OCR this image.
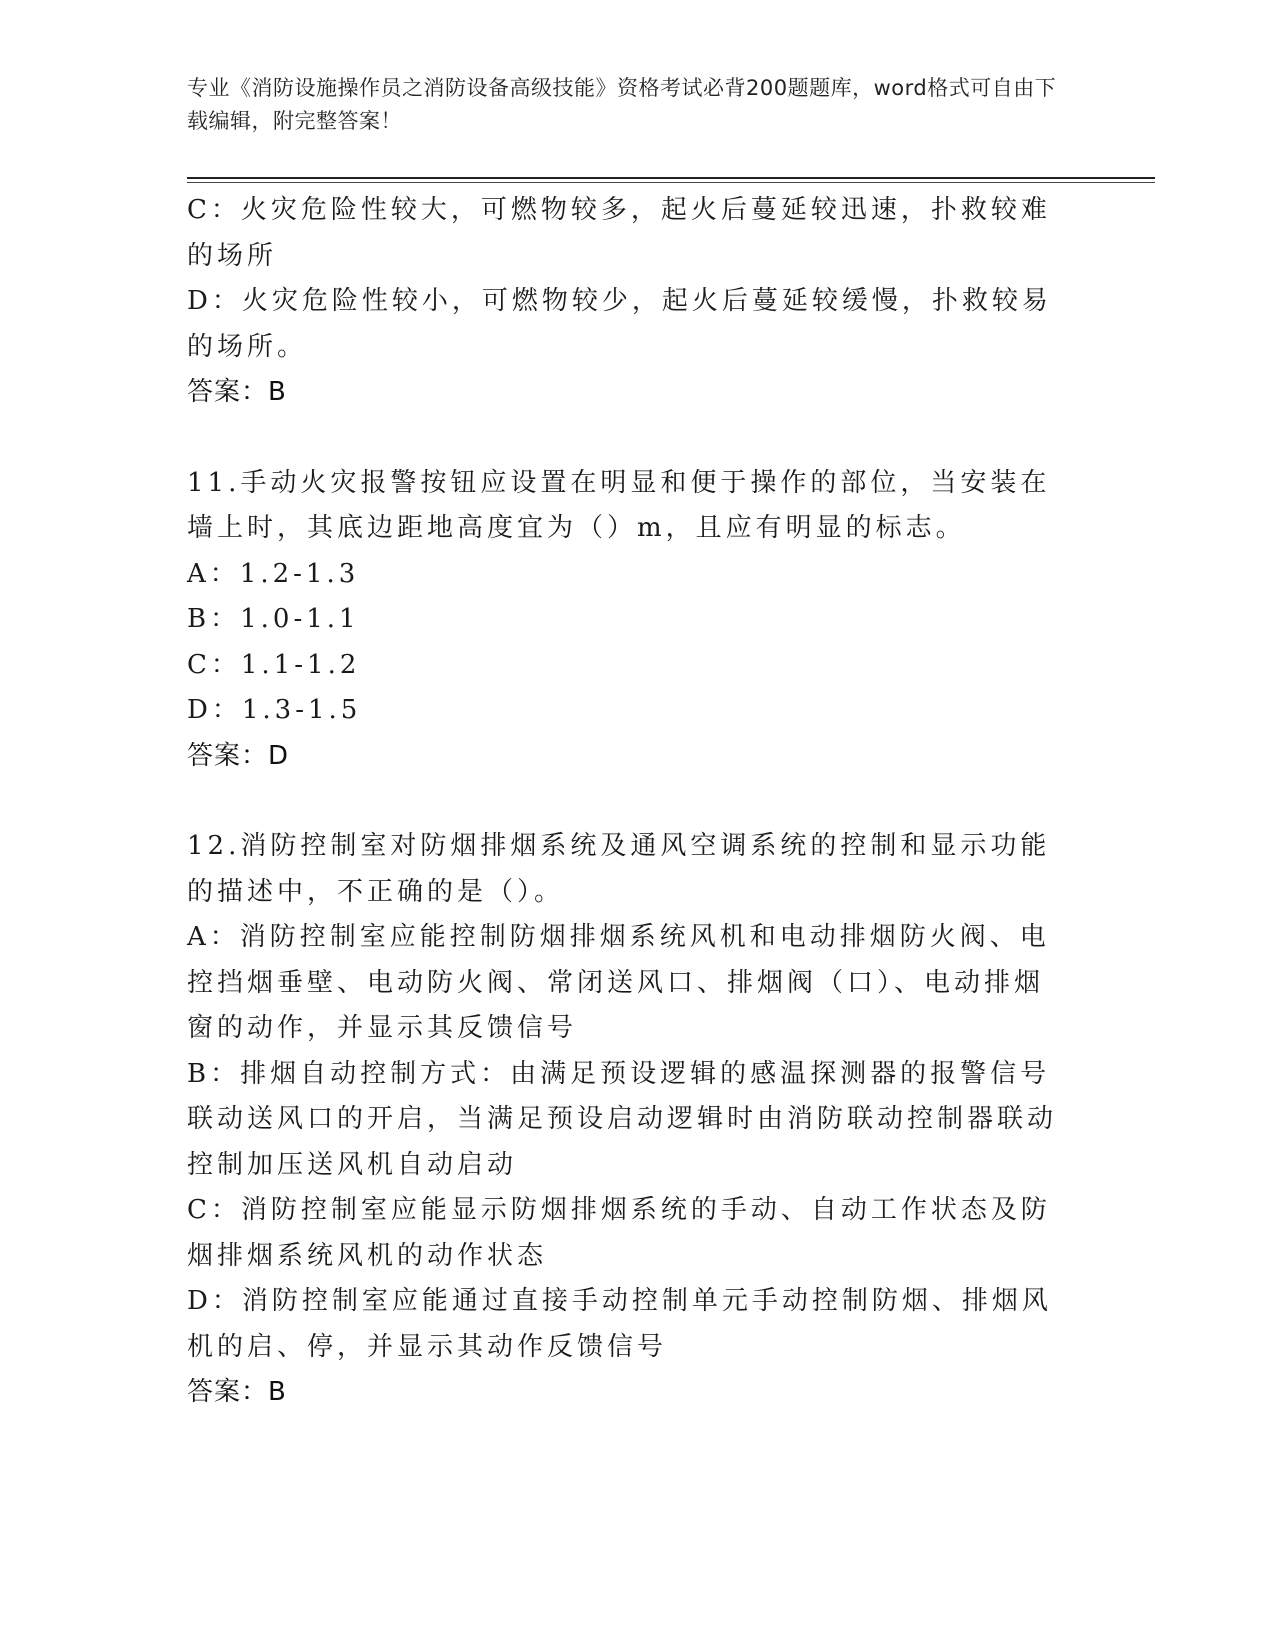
专业《消防设施操作员之消防设备高级技能》资格考试必背200题题库，word格式可自由下载编辑，附完整答案！
C：火灾危险性较大，可燃物较多，起火后蔓延较迅速，扑救较难的场所
D：火灾危险性较小，可燃物较少，起火后蔓延较缓慢，扑救较易的场所。
答案：B
11.手动火灾报警按钮应设置在明显和便于操作的部位，当安装在墙上时，其底边距地高度宜为（）m，且应有明显的标志。
A：1.2-1.3
B：1.0-1.1
C：1.1-1.2
D：1.3-1.5
答案：D
12.消防控制室对防烟排烟系统及通风空调系统的控制和显示功能的描述中，不正确的是（）。
A：消防控制室应能控制防烟排烟系统风机和电动排烟防火阀、电控挡烟垂壁、电动防火阀、常闭送风口、排烟阀（口）、电动排烟窗的动作，并显示其反馈信号
B：排烟自动控制方式：由满足预设逻辑的感温探测器的报警信号联动送风口的开启，当满足预设启动逻辑时由消防联动控制器联动控制加压送风机自动启动
C：消防控制室应能显示防烟排烟系统的手动、自动工作状态及防烟排烟系统风机的动作状态
D：消防控制室应能通过直接手动控制单元手动控制防烟、排烟风机的启、停，并显示其动作反馈信号
答案：B
